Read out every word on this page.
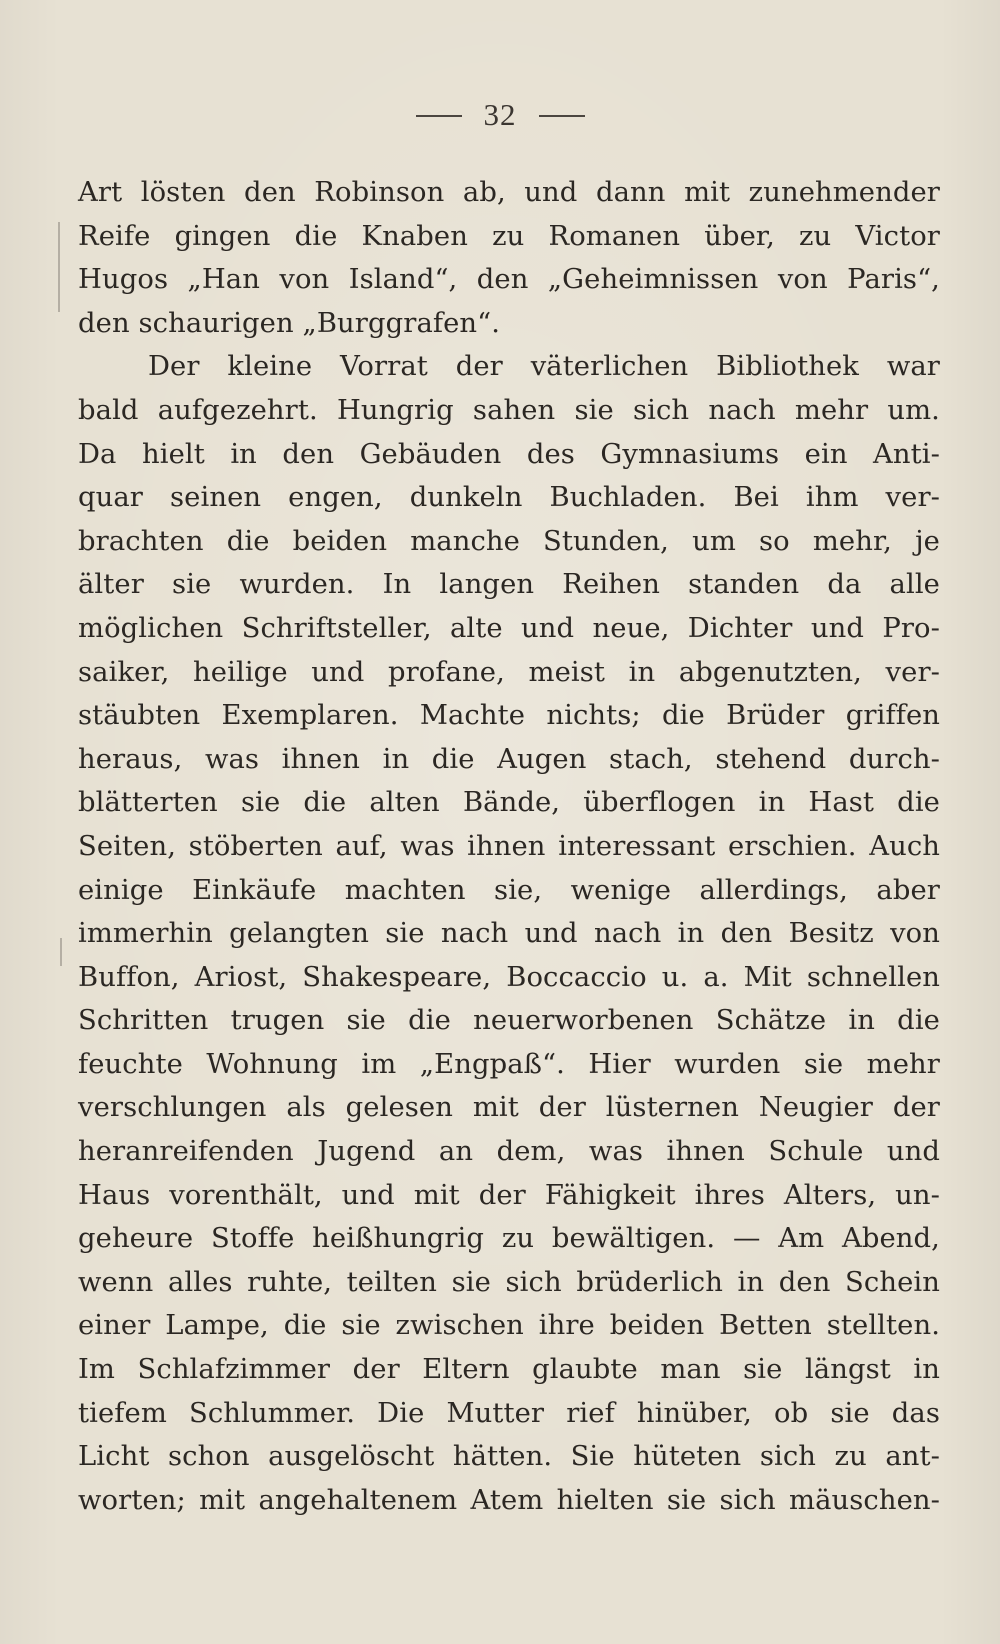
32
Art lösten den Robinson ab, und dann mit zunehmender
Reife gingen die Knaben zu Romanen über, zu Victor
Hugos „Han von Island“, den „Geheimnissen von Paris“,
den schaurigen „Burggrafen“.
Der kleine Vorrat der väterlichen Bibliothek war
bald aufgezehrt. Hungrig sahen sie sich nach mehr um.
Da hielt in den Gebäuden des Gymnasiums ein Anti-
quar seinen engen, dunkeln Buchladen. Bei ihm ver-
brachten die beiden manche Stunden, um so mehr, je
älter sie wurden. In langen Reihen standen da alle
möglichen Schriftsteller, alte und neue, Dichter und Pro-
saiker, heilige und profane, meist in abgenutzten, ver-
stäubten Exemplaren. Machte nichts; die Brüder griffen
heraus, was ihnen in die Augen stach, stehend durch-
blätterten sie die alten Bände, überflogen in Hast die
Seiten, stöberten auf, was ihnen interessant erschien. Auch
einige Einkäufe machten sie, wenige allerdings, aber
immerhin gelangten sie nach und nach in den Besitz von
Buffon, Ariost, Shakespeare, Boccaccio u. a. Mit schnellen
Schritten trugen sie die neuerworbenen Schätze in die
feuchte Wohnung im „Engpaß“. Hier wurden sie mehr
verschlungen als gelesen mit der lüsternen Neugier der
heranreifenden Jugend an dem, was ihnen Schule und
Haus vorenthält, und mit der Fähigkeit ihres Alters, un-
geheure Stoffe heißhungrig zu bewältigen. — Am Abend,
wenn alles ruhte, teilten sie sich brüderlich in den Schein
einer Lampe, die sie zwischen ihre beiden Betten stellten.
Im Schlafzimmer der Eltern glaubte man sie längst in
tiefem Schlummer. Die Mutter rief hinüber, ob sie das
Licht schon ausgelöscht hätten. Sie hüteten sich zu ant-
worten; mit angehaltenem Atem hielten sie sich mäuschen-
